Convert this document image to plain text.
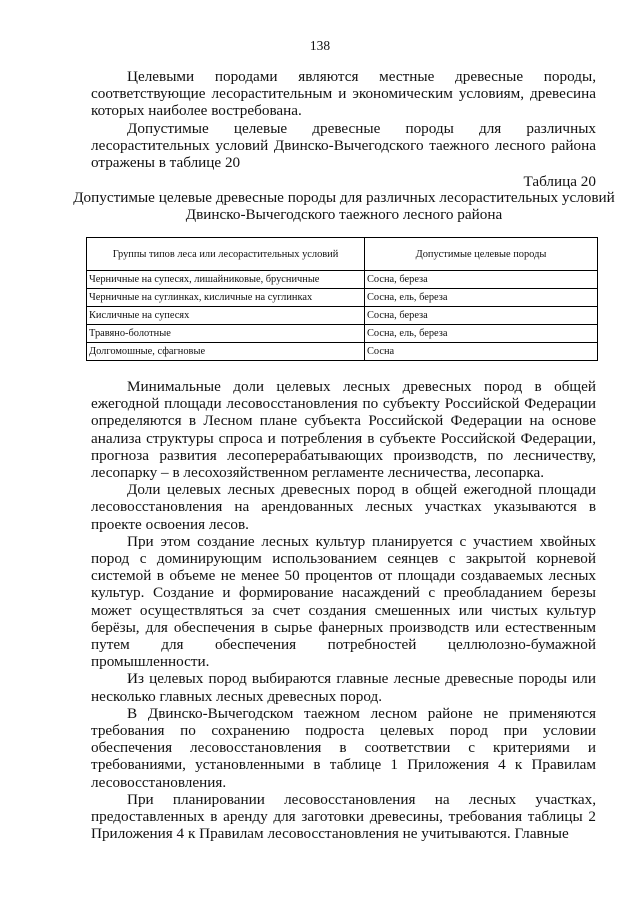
138

Целевыми породами являются местные древесные породы, соответствующие лесорастительным и экономическим условиям, древесина которых наиболее востребована.

Допустимые целевые древесные породы для различных лесорастительных условий Двинско-Вычегодского таежного лесного района отражены в таблице 20

Таблица 20
Допустимые целевые древесные породы для различных лесорастительных условий Двинско-Вычегодского таежного лесного района
Группы типов леса или лесорастительных условий	Допустимые целевые породы
Черничные на супесях, лишайниковые, брусничные	Сосна, береза
Черничные на суглинках, кисличные на суглинках	Сосна, ель, береза
Кисличные на супесях	Сосна, береза
Травяно-болотные	Сосна, ель, береза
Долгомошные, сфагновые	Сосна

Минимальные доли целевых лесных древесных пород в общей ежегодной площади лесовосстановления по субъекту Российской Федерации определяются в Лесном плане субъекта Российской Федерации на основе анализа структуры спроса и потребления в субъекте Российской Федерации, прогноза развития лесоперерабатывающих производств, по лесничеству, лесопарку – в лесохозяйственном регламенте лесничества, лесопарка.

Доли целевых лесных древесных пород в общей ежегодной площади лесовосстановления на арендованных лесных участках указываются в проекте освоения лесов.

При этом создание лесных культур планируется с участием хвойных пород с доминирующим использованием сеянцев с закрытой корневой системой в объеме не менее 50 процентов от площади создаваемых лесных культур. Создание и формирование насаждений с преобладанием березы может осуществляться за счет создания смешенных или чистых культур берёзы, для обеспечения в сырье фанерных производств или естественным путем для обеспечения потребностей целлюлозно-бумажной промышленности.

Из целевых пород выбираются главные лесные древесные породы или несколько главных лесных древесных пород.

В Двинско-Вычегодском таежном лесном районе не применяются требования по сохранению подроста целевых пород при условии обеспечения лесовосстановления в соответствии с критериями и требованиями, установленными в таблице 1 Приложения 4 к Правилам лесовосстановления.

При планировании лесовосстановления на лесных участках, предоставленных в аренду для заготовки древесины, требования таблицы 2 Приложения 4 к Правилам лесовосстановления не учитываются. Главные
